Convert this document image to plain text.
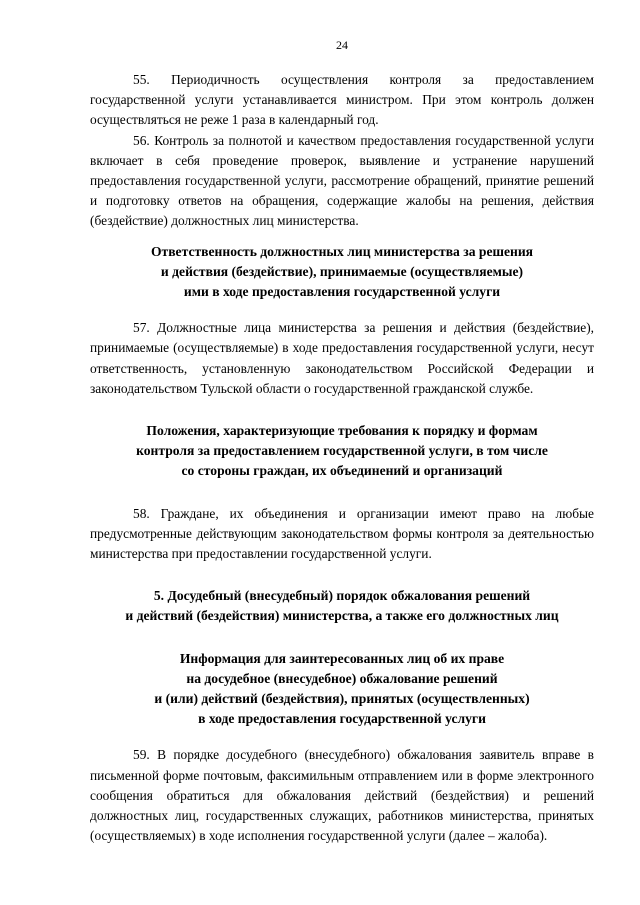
24

55. Периодичность осуществления контроля за предоставлением государственной услуги устанавливается министром. При этом контроль должен осуществляться не реже 1 раза в календарный год.

56. Контроль за полнотой и качеством предоставления государственной услуги включает в себя проведение проверок, выявление и устранение нарушений предоставления государственной услуги, рассмотрение обращений, принятие решений и подготовку ответов на обращения, содержащие жалобы на решения, действия (бездействие) должностных лиц министерства.

Ответственность должностных лиц министерства за решения
и действия (бездействие), принимаемые (осуществляемые)
ими в ходе предоставления государственной услуги

57. Должностные лица министерства за решения и действия (бездействие), принимаемые (осуществляемые) в ходе предоставления государственной услуги, несут ответственность, установленную законодательством Российской Федерации и законодательством Тульской области о государственной гражданской службе.

Положения, характеризующие требования к порядку и формам
контроля за предоставлением государственной услуги, в том числе
со стороны граждан, их объединений и организаций

58. Граждане, их объединения и организации имеют право на любые предусмотренные действующим законодательством формы контроля за деятельностью министерства при предоставлении государственной услуги.

5. Досудебный (внесудебный) порядок обжалования решений
и действий (бездействия) министерства, а также его должностных лиц
Информация для заинтересованных лиц об их праве
на досудебное (внесудебное) обжалование решений
и (или) действий (бездействия), принятых (осуществленных)
в ходе предоставления государственной услуги

59. В порядке досудебного (внесудебного) обжалования заявитель вправе в письменной форме почтовым, факсимильным отправлением или в форме электронного сообщения обратиться для обжалования действий (бездействия) и решений должностных лиц, государственных служащих, работников министерства, принятых (осуществляемых) в ходе исполнения государственной услуги (далее – жалоба).
